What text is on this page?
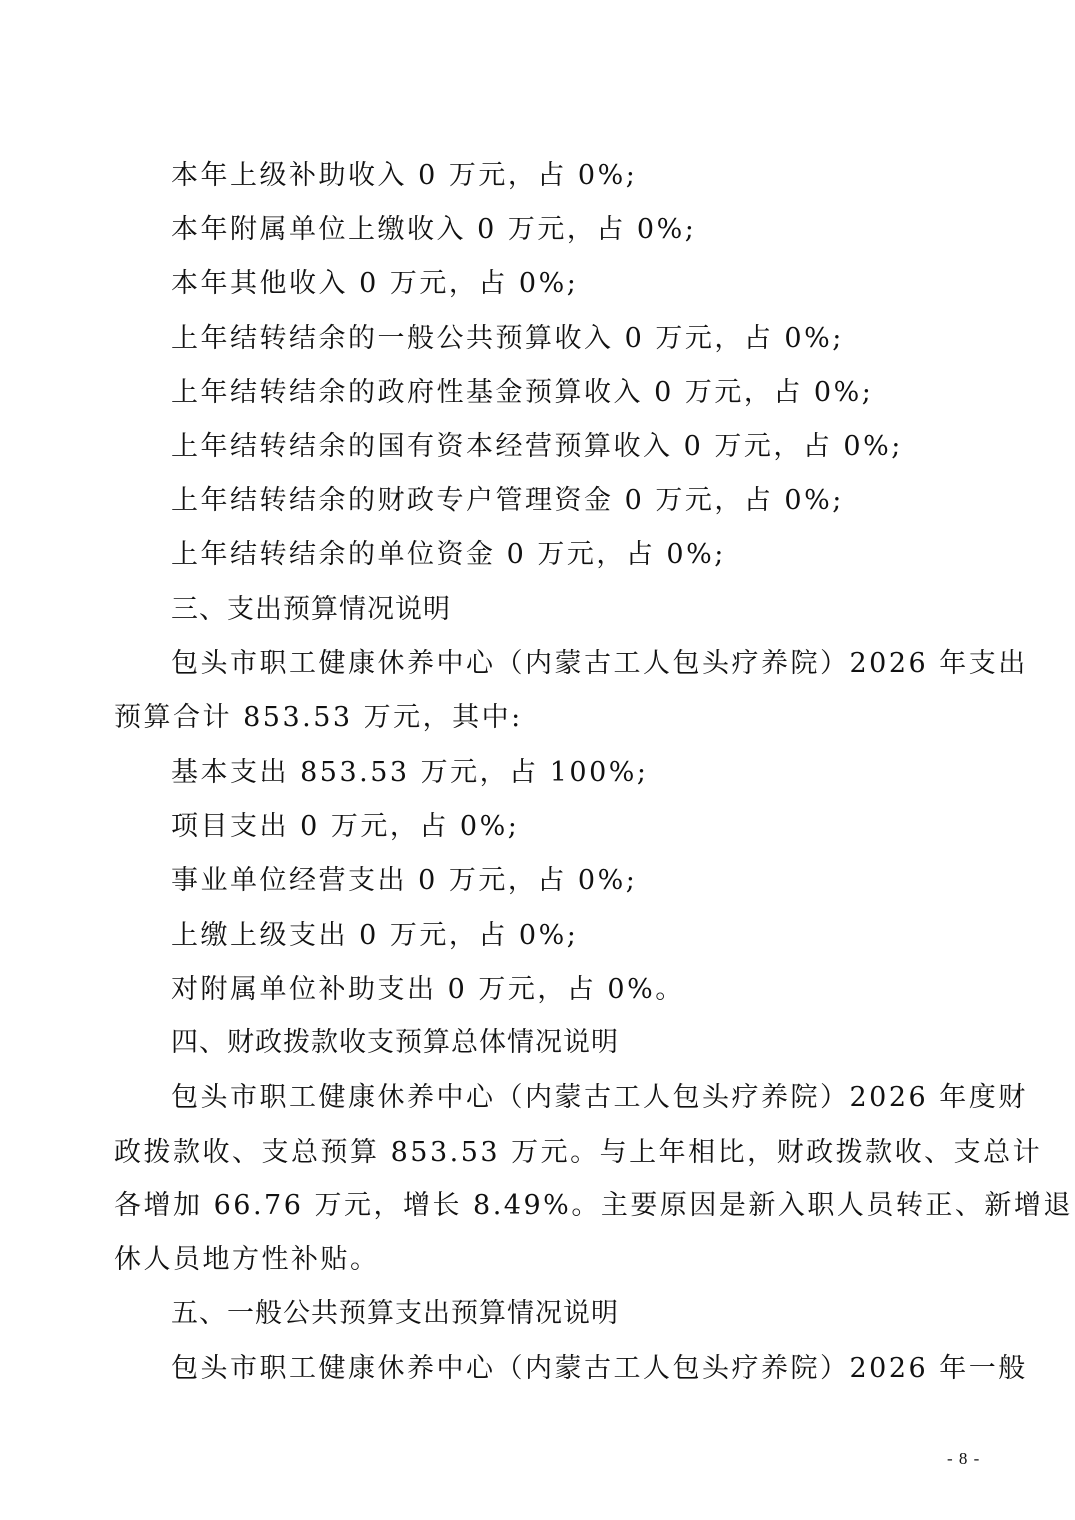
本年上级补助收入 0 万元，占 0%;
本年附属单位上缴收入 0 万元，占 0%;
本年其他收入 0 万元，占 0%;
上年结转结余的一般公共预算收入 0 万元，占 0%;
上年结转结余的政府性基金预算收入 0 万元，占 0%;
上年结转结余的国有资本经营预算收入 0 万元，占 0%;
上年结转结余的财政专户管理资金 0 万元，占 0%;
上年结转结余的单位资金 0 万元，占 0%;
三、支出预算情况说明
包头市职工健康休养中心（内蒙古工人包头疗养院）2026 年支出
预算合计 853.53 万元，其中:
基本支出 853.53 万元，占 100%;
项目支出 0 万元，占 0%;
事业单位经营支出 0 万元，占 0%;
上缴上级支出 0 万元，占 0%;
对附属单位补助支出 0 万元，占 0%。
四、财政拨款收支预算总体情况说明
包头市职工健康休养中心（内蒙古工人包头疗养院）2026 年度财
政拨款收、支总预算 853.53 万元。与上年相比，财政拨款收、支总计
各增加 66.76 万元，增长 8.49%。主要原因是新入职人员转正、新增退
休人员地方性补贴。
五、一般公共预算支出预算情况说明
包头市职工健康休养中心（内蒙古工人包头疗养院）2026 年一般
- 8 -
